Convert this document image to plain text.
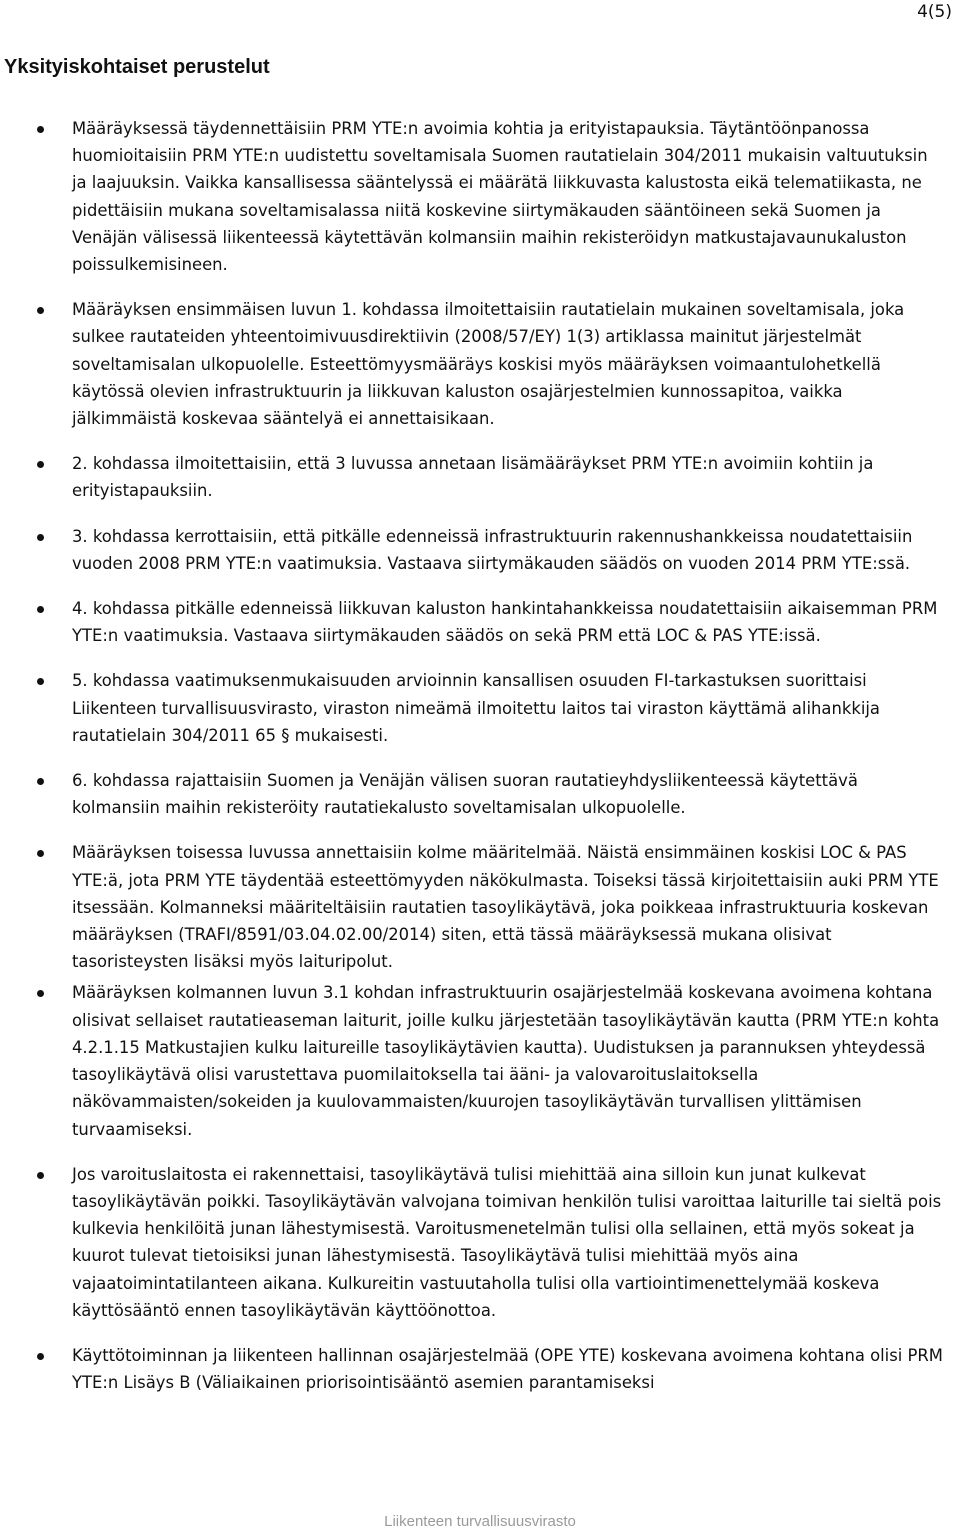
4(5)
Yksityiskohtaiset perustelut
Määräyksessä täydennettäisiin PRM YTE:n avoimia kohtia ja erityistapauksia. Täytäntöönpanossa huomioitaisiin PRM YTE:n uudistettu soveltamisala Suomen rautatielain 304/2011 mukaisin valtuutuksin ja laajuuksin. Vaikka kansallisessa sääntelyssä ei määrätä liikkuvasta kalustosta eikä telematiikasta, ne pidettäisiin mukana soveltamisalassa niitä koskevine siirtymäkauden sääntöineen sekä Suomen ja Venäjän välisessä liikenteessä käytettävän kolmansiin maihin rekisteröidyn matkustajavaunukaluston poissulkemisineen.
Määräyksen ensimmäisen luvun 1. kohdassa ilmoitettaisiin rautatielain mukainen soveltamisala, joka sulkee rautateiden yhteentoimivuusdirektiivin (2008/57/EY) 1(3) artiklassa mainitut järjestelmät soveltamisalan ulkopuolelle. Esteettömyysmääräys koskisi myös määräyksen voimaantulohetkellä käytössä olevien infrastruktuurin ja liikkuvan kaluston osajärjestelmien kunnossapitoa, vaikka jälkimmäistä koskevaa sääntelyä ei annettaisikaan.
2. kohdassa ilmoitettaisiin, että 3 luvussa annetaan lisämääräykset PRM YTE:n avoimiin kohtiin ja erityistapauksiin.
3. kohdassa kerrottaisiin, että pitkälle edenneissä infrastruktuurin rakennushankkeissa noudatettaisiin vuoden 2008 PRM YTE:n vaatimuksia. Vastaava siirtymäkauden säädös on vuoden 2014 PRM YTE:ssä.
4. kohdassa pitkälle edenneissä liikkuvan kaluston hankintahankkeissa noudatettaisiin aikaisemman PRM YTE:n vaatimuksia. Vastaava siirtymäkauden säädös on sekä PRM että LOC & PAS YTE:issä.
5. kohdassa vaatimuksenmukaisuuden arvioinnin kansallisen osuuden FI-tarkastuksen suorittaisi Liikenteen turvallisuusvirasto, viraston nimeämä ilmoitettu laitos tai viraston käyttämä alihankkija rautatielain 304/2011 65 § mukaisesti.
6. kohdassa rajattaisiin Suomen ja Venäjän välisen suoran rautatieyhdysliikenteessä käytettävä kolmansiin maihin rekisteröity rautatiekalusto soveltamisalan ulkopuolelle.
Määräyksen toisessa luvussa annettaisiin kolme määritelmää. Näistä ensimmäinen koskisi LOC & PAS YTE:ä, jota PRM YTE täydentää esteettömyyden näkökulmasta. Toiseksi tässä kirjoitettaisiin auki PRM YTE itsessään. Kolmanneksi määriteltäisiin rautatien tasoylikäytävä, joka poikkeaa infrastruktuuria koskevan määräyksen (TRAFI/8591/03.04.02.00/2014) siten, että tässä määräyksessä mukana olisivat tasoristeysten lisäksi myös laituripolut.
Määräyksen kolmannen luvun 3.1 kohdan infrastruktuurin osajärjestelmää koskevana avoimena kohtana olisivat sellaiset rautatieaseman laiturit, joille kulku järjestetään tasoylikäytävän kautta (PRM YTE:n kohta 4.2.1.15 Matkustajien kulku laitureille tasoylikäytävien kautta). Uudistuksen ja parannuksen yhteydessä tasoylikäytävä olisi varustettava puomilaitoksella tai ääni- ja valovaroituslaitoksella näkövammaisten/sokeiden ja kuulovammaisten/kuurojen tasoylikäytävän turvallisen ylittämisen turvaamiseksi.
Jos varoituslaitosta ei rakennettaisi, tasoylikäytävä tulisi miehittää aina silloin kun junat kulkevat tasoylikäytävän poikki. Tasoylikäytävän valvojana toimivan henkilön tulisi varoittaa laiturille tai sieltä pois kulkevia henkilöitä junan lähestymisestä. Varoitusmenetelmän tulisi olla sellainen, että myös sokeat ja kuurot tulevat tietoisiksi junan lähestymisestä. Tasoylikäytävä tulisi miehittää myös aina vajaatoimintatilanteen aikana. Kulkureitin vastuutaholla tulisi olla vartiointimenettelymää koskeva käyttösääntö ennen tasoylikäytävän käyttöönottoa.
Käyttötoiminnan ja liikenteen hallinnan osajärjestelmää (OPE YTE) koskevana avoimena kohtana olisi PRM YTE:n Lisäys B (Väliaikainen priorisointisääntö asemien parantamiseksi
Liikenteen turvallisuusvirasto
